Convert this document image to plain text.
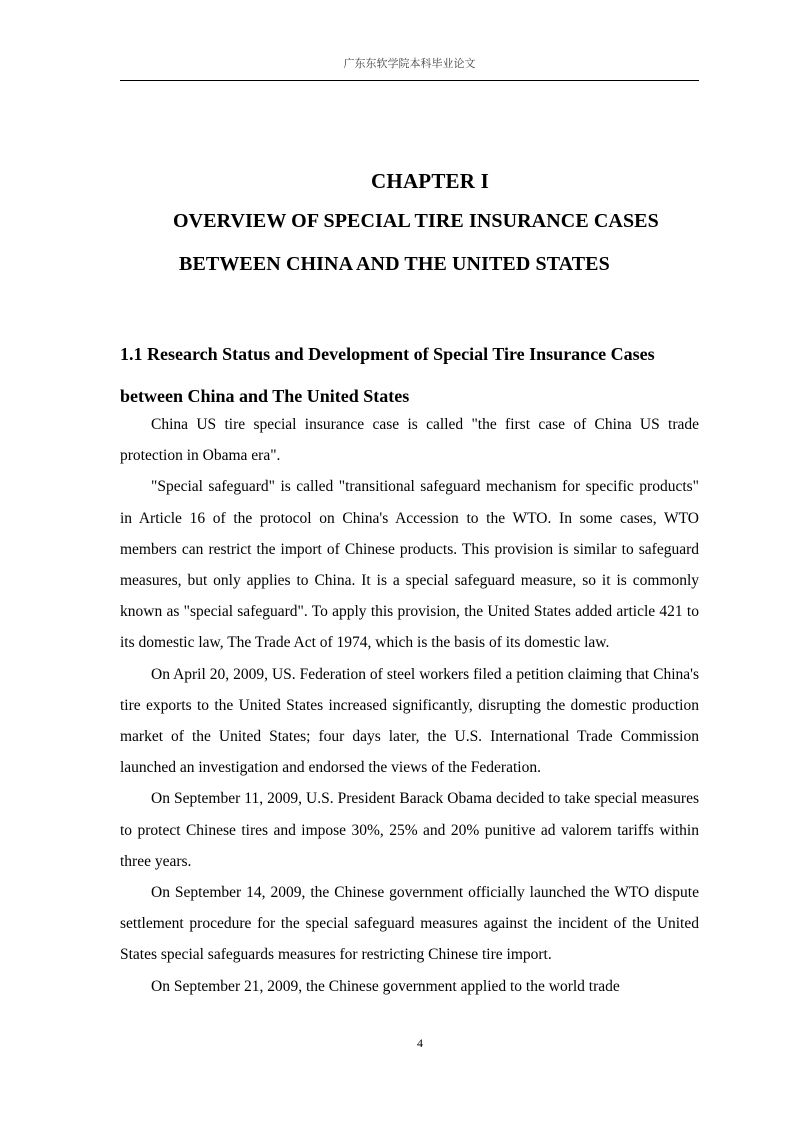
广东东软学院本科毕业论文
CHAPTER I
OVERVIEW OF SPECIAL TIRE INSURANCE CASES
BETWEEN CHINA AND THE UNITED STATES
1.1 Research Status and Development of Special Tire Insurance Cases between China and The United States

China US tire special insurance case is called "the first case of China US trade protection in Obama era".

"Special safeguard" is called "transitional safeguard mechanism for specific products" in Article 16 of the protocol on China's Accession to the WTO. In some cases, WTO members can restrict the import of Chinese products. This provision is similar to safeguard measures, but only applies to China. It is a special safeguard measure, so it is commonly known as "special safeguard". To apply this provision, the United States added article 421 to its domestic law, The Trade Act of 1974, which is the basis of its domestic law.

On April 20, 2009, US. Federation of steel workers filed a petition claiming that China's tire exports to the United States increased significantly, disrupting the domestic production market of the United States; four days later, the U.S. International Trade Commission launched an investigation and endorsed the views of the Federation.

On September 11, 2009, U.S. President Barack Obama decided to take special measures to protect Chinese tires and impose 30%, 25% and 20% punitive ad valorem tariffs within three years.

On September 14, 2009, the Chinese government officially launched the WTO dispute settlement procedure for the special safeguard measures against the incident of the United States special safeguards measures for restricting Chinese tire import.

On September 21, 2009, the Chinese government applied to the world trade

4
